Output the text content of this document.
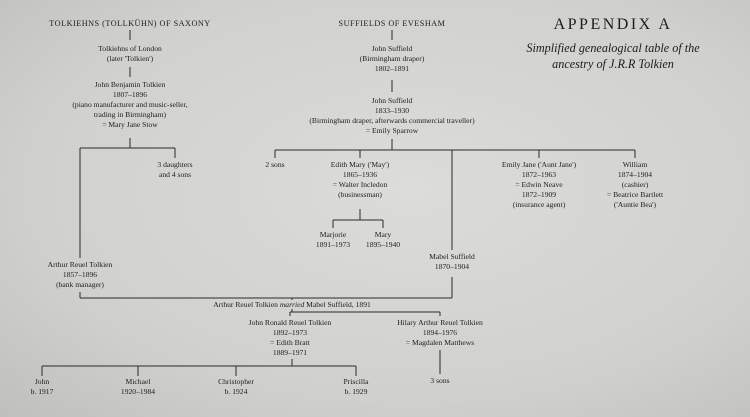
APPENDIX A
Simplified genealogical table of the
ancestry of J.R.R Tolkien
TOLKIEHNS (TOLLKÜHN) OF SAXONY	SUFFIELDS OF EVESHAM
Tolkiehns of London
(later 'Tolkien')
John Benjamin Tolkien
1807–1896
(piano manufacturer and music-seller,
trading in Birmingham)
= Mary Jane Stow
3 daughters
and 4 sons
Arthur Reuel Tolkien
1857–1896
(bank manager)
John Suffield
(Birmingham draper)
1802–1891
John Suffield
1833–1930
(Birmingham draper, afterwards commercial traveller)
= Emily Sparrow
2 sons	Edith Mary ('May')
1865–1936
= Walter Incledon
(businessman)
Marjorie
1891–1973
Mary
1895–1940
Mabel Suffield
1870–1904
Emily Jane ('Aunt Jane')
1872–1963
= Edwin Neave
1872–1909
(insurance agent)
William
1874–1904
(cashier)
= Beatrice Bartlett
('Auntie Bea')
Arthur Reuel Tolkien married Mabel Suffield, 1891
John Ronald Reuel Tolkien
1892–1973
= Edith Bratt
1889–1971
Hilary Arthur Reuel Tolkien
1894–1976
= Magdalen Matthews
3 sons
John
b. 1917
Michael
1920–1984
Christopher
b. 1924
Priscilla
b. 1929
